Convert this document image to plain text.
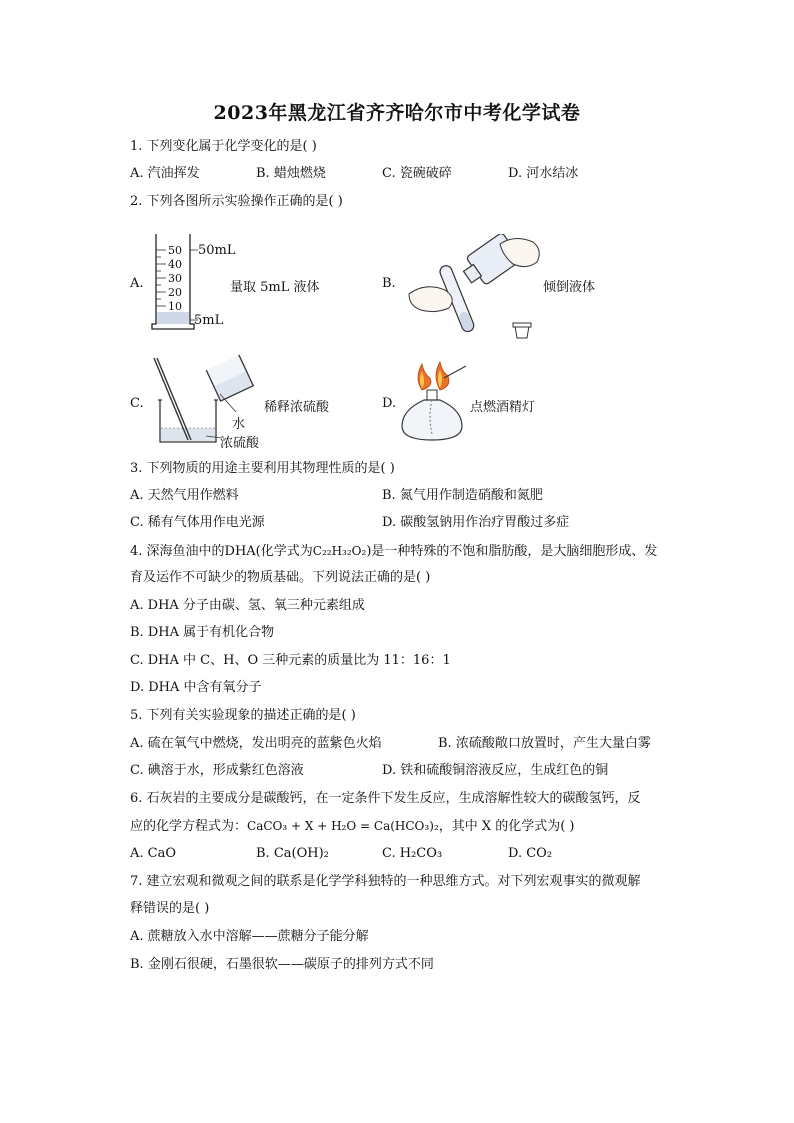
2023年黑龙江省齐齐哈尔市中考化学试卷
1. 下列变化属于化学变化的是( )
A. 汽油挥发	B. 蜡烛燃烧	C. 瓷碗破碎	D. 河水结冰
2. 下列各图所示实验操作正确的是( )
A.
50
40
30
20
10
50mL
5mL
量取 5mL 液体	B.	倾倒液体
C.
水
浓硫酸
稀释浓硫酸	D.	点燃酒精灯
3. 下列物质的用途主要利用其物理性质的是( )
A. 天然气用作燃料	B. 氮气用作制造硝酸和氮肥
C. 稀有气体用作电光源	D. 碳酸氢钠用作治疗胃酸过多症
4. 深海鱼油中的DHA(化学式为C₂₂H₃₂O₂)是一种特殊的不饱和脂肪酸，是大脑细胞形成、发
育及运作不可缺少的物质基础。下列说法正确的是( )
A. DHA 分子由碳、氢、氧三种元素组成
B. DHA 属于有机化合物
C. DHA 中 C、H、O 三种元素的质量比为 11：16：1
D. DHA 中含有氧分子
5. 下列有关实验现象的描述正确的是( )
A. 硫在氧气中燃烧，发出明亮的蓝紫色火焰	B. 浓硫酸敞口放置时，产生大量白雾
C. 碘溶于水，形成紫红色溶液	D. 铁和硫酸铜溶液反应，生成红色的铜
6. 石灰岩的主要成分是碳酸钙，在一定条件下发生反应，生成溶解性较大的碳酸氢钙，反
应的化学方程式为：CaCO₃ + X + H₂O = Ca(HCO₃)₂，其中 X 的化学式为( )
A. CaO	B. Ca(OH)₂	C. H₂CO₃	D. CO₂
7. 建立宏观和微观之间的联系是化学学科独特的一种思维方式。对下列宏观事实的微观解
释错误的是( )
A. 蔗糖放入水中溶解——蔗糖分子能分解
B. 金刚石很硬，石墨很软——碳原子的排列方式不同
